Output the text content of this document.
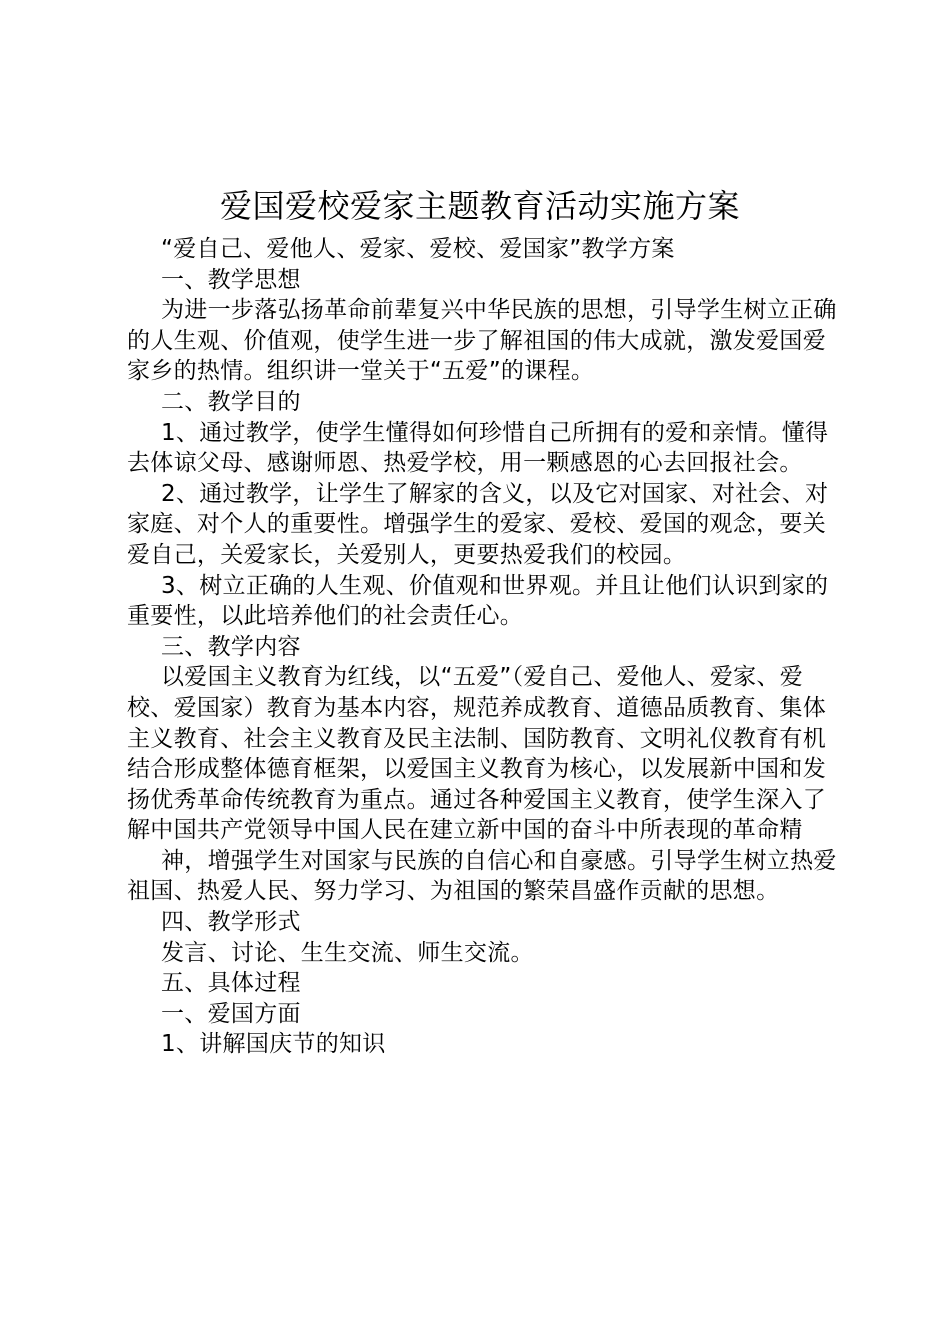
爱国爱校爱家主题教育活动实施方案

“爱自己、爱他人、爱家、爱校、爱国家”教学方案

一、教学思想

为进一步落弘扬革命前辈复兴中华民族的思想，引导学生树立正确的人生观、价值观，使学生进一步了解祖国的伟大成就，激发爱国爱家乡的热情。组织讲一堂关于“五爱”的课程。

二、教学目的

1、通过教学，使学生懂得如何珍惜自己所拥有的爱和亲情。懂得去体谅父母、感谢师恩、热爱学校，用一颗感恩的心去回报社会。

2、通过教学，让学生了解家的含义，以及它对国家、对社会、对家庭、对个人的重要性。增强学生的爱家、爱校、爱国的观念，要关爱自己，关爱家长，关爱别人，更要热爱我们的校园。

3、树立正确的人生观、价值观和世界观。并且让他们认识到家的重要性，以此培养他们的社会责任心。

三、教学内容

以爱国主义教育为红线，以“五爱”（爱自己、爱他人、爱家、爱校、爱国家）教育为基本内容，规范养成教育、道德品质教育、集体主义教育、社会主义教育及民主法制、国防教育、文明礼仪教育有机结合形成整体德育框架，以爱国主义教育为核心，以发展新中国和发扬优秀革命传统教育为重点。通过各种爱国主义教育，使学生深入了解中国共产党领导中国人民在建立新中国的奋斗中所表现的革命精

神，增强学生对国家与民族的自信心和自豪感。引导学生树立热爱祖国、热爱人民、努力学习、为祖国的繁荣昌盛作贡献的思想。

四、教学形式

发言、讨论、生生交流、师生交流。

五、具体过程

一、爱国方面

1、讲解国庆节的知识
